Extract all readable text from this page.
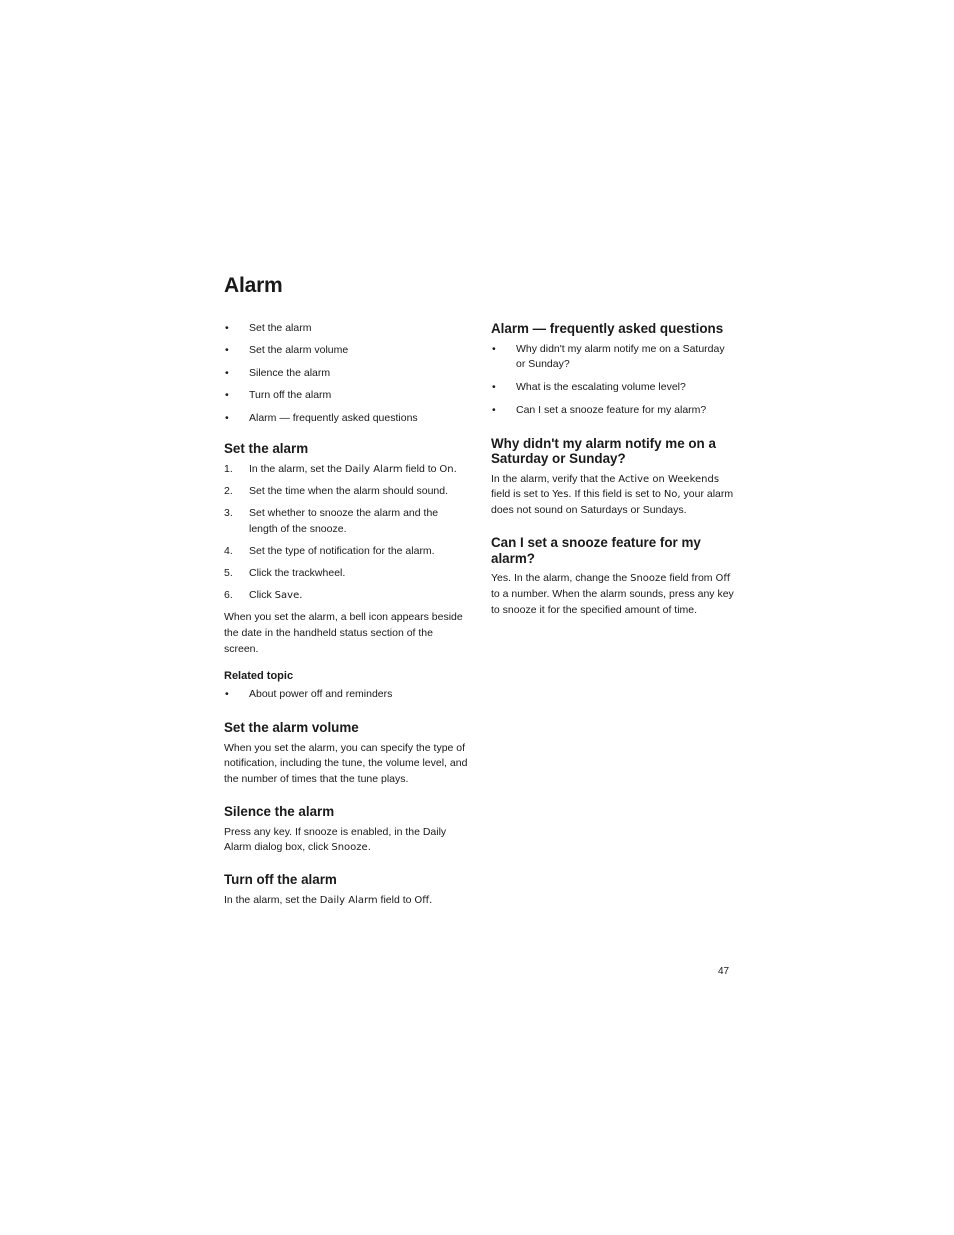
Alarm
• Set the alarm
• Set the alarm volume
• Silence the alarm
• Turn off the alarm
• Alarm — frequently asked questions
Set the alarm
1. In the alarm, set the Daily Alarm field to On.
2. Set the time when the alarm should sound.
3. Set whether to snooze the alarm and the length of the snooze.
4. Set the type of notification for the alarm.
5. Click the trackwheel.
6. Click Save.

When you set the alarm, a bell icon appears beside the date in the handheld status section of the screen.

Related topic
• About power off and reminders
Set the alarm volume

When you set the alarm, you can specify the type of notification, including the tune, the volume level, and the number of times that the tune plays.

Silence the alarm

Press any key. If snooze is enabled, in the Daily Alarm dialog box, click Snooze.

Turn off the alarm

In the alarm, set the Daily Alarm field to Off.

Alarm — frequently asked questions
• Why didn't my alarm notify me on a Saturday or Sunday?
• What is the escalating volume level?
• Can I set a snooze feature for my alarm?
Why didn't my alarm notify me on a Saturday or Sunday?

In the alarm, verify that the Active on Weekends field is set to Yes. If this field is set to No, your alarm does not sound on Saturdays or Sundays.

Can I set a snooze feature for my alarm?

Yes. In the alarm, change the Snooze field from Off to a number. When the alarm sounds, press any key to snooze it for the specified amount of time.

47
